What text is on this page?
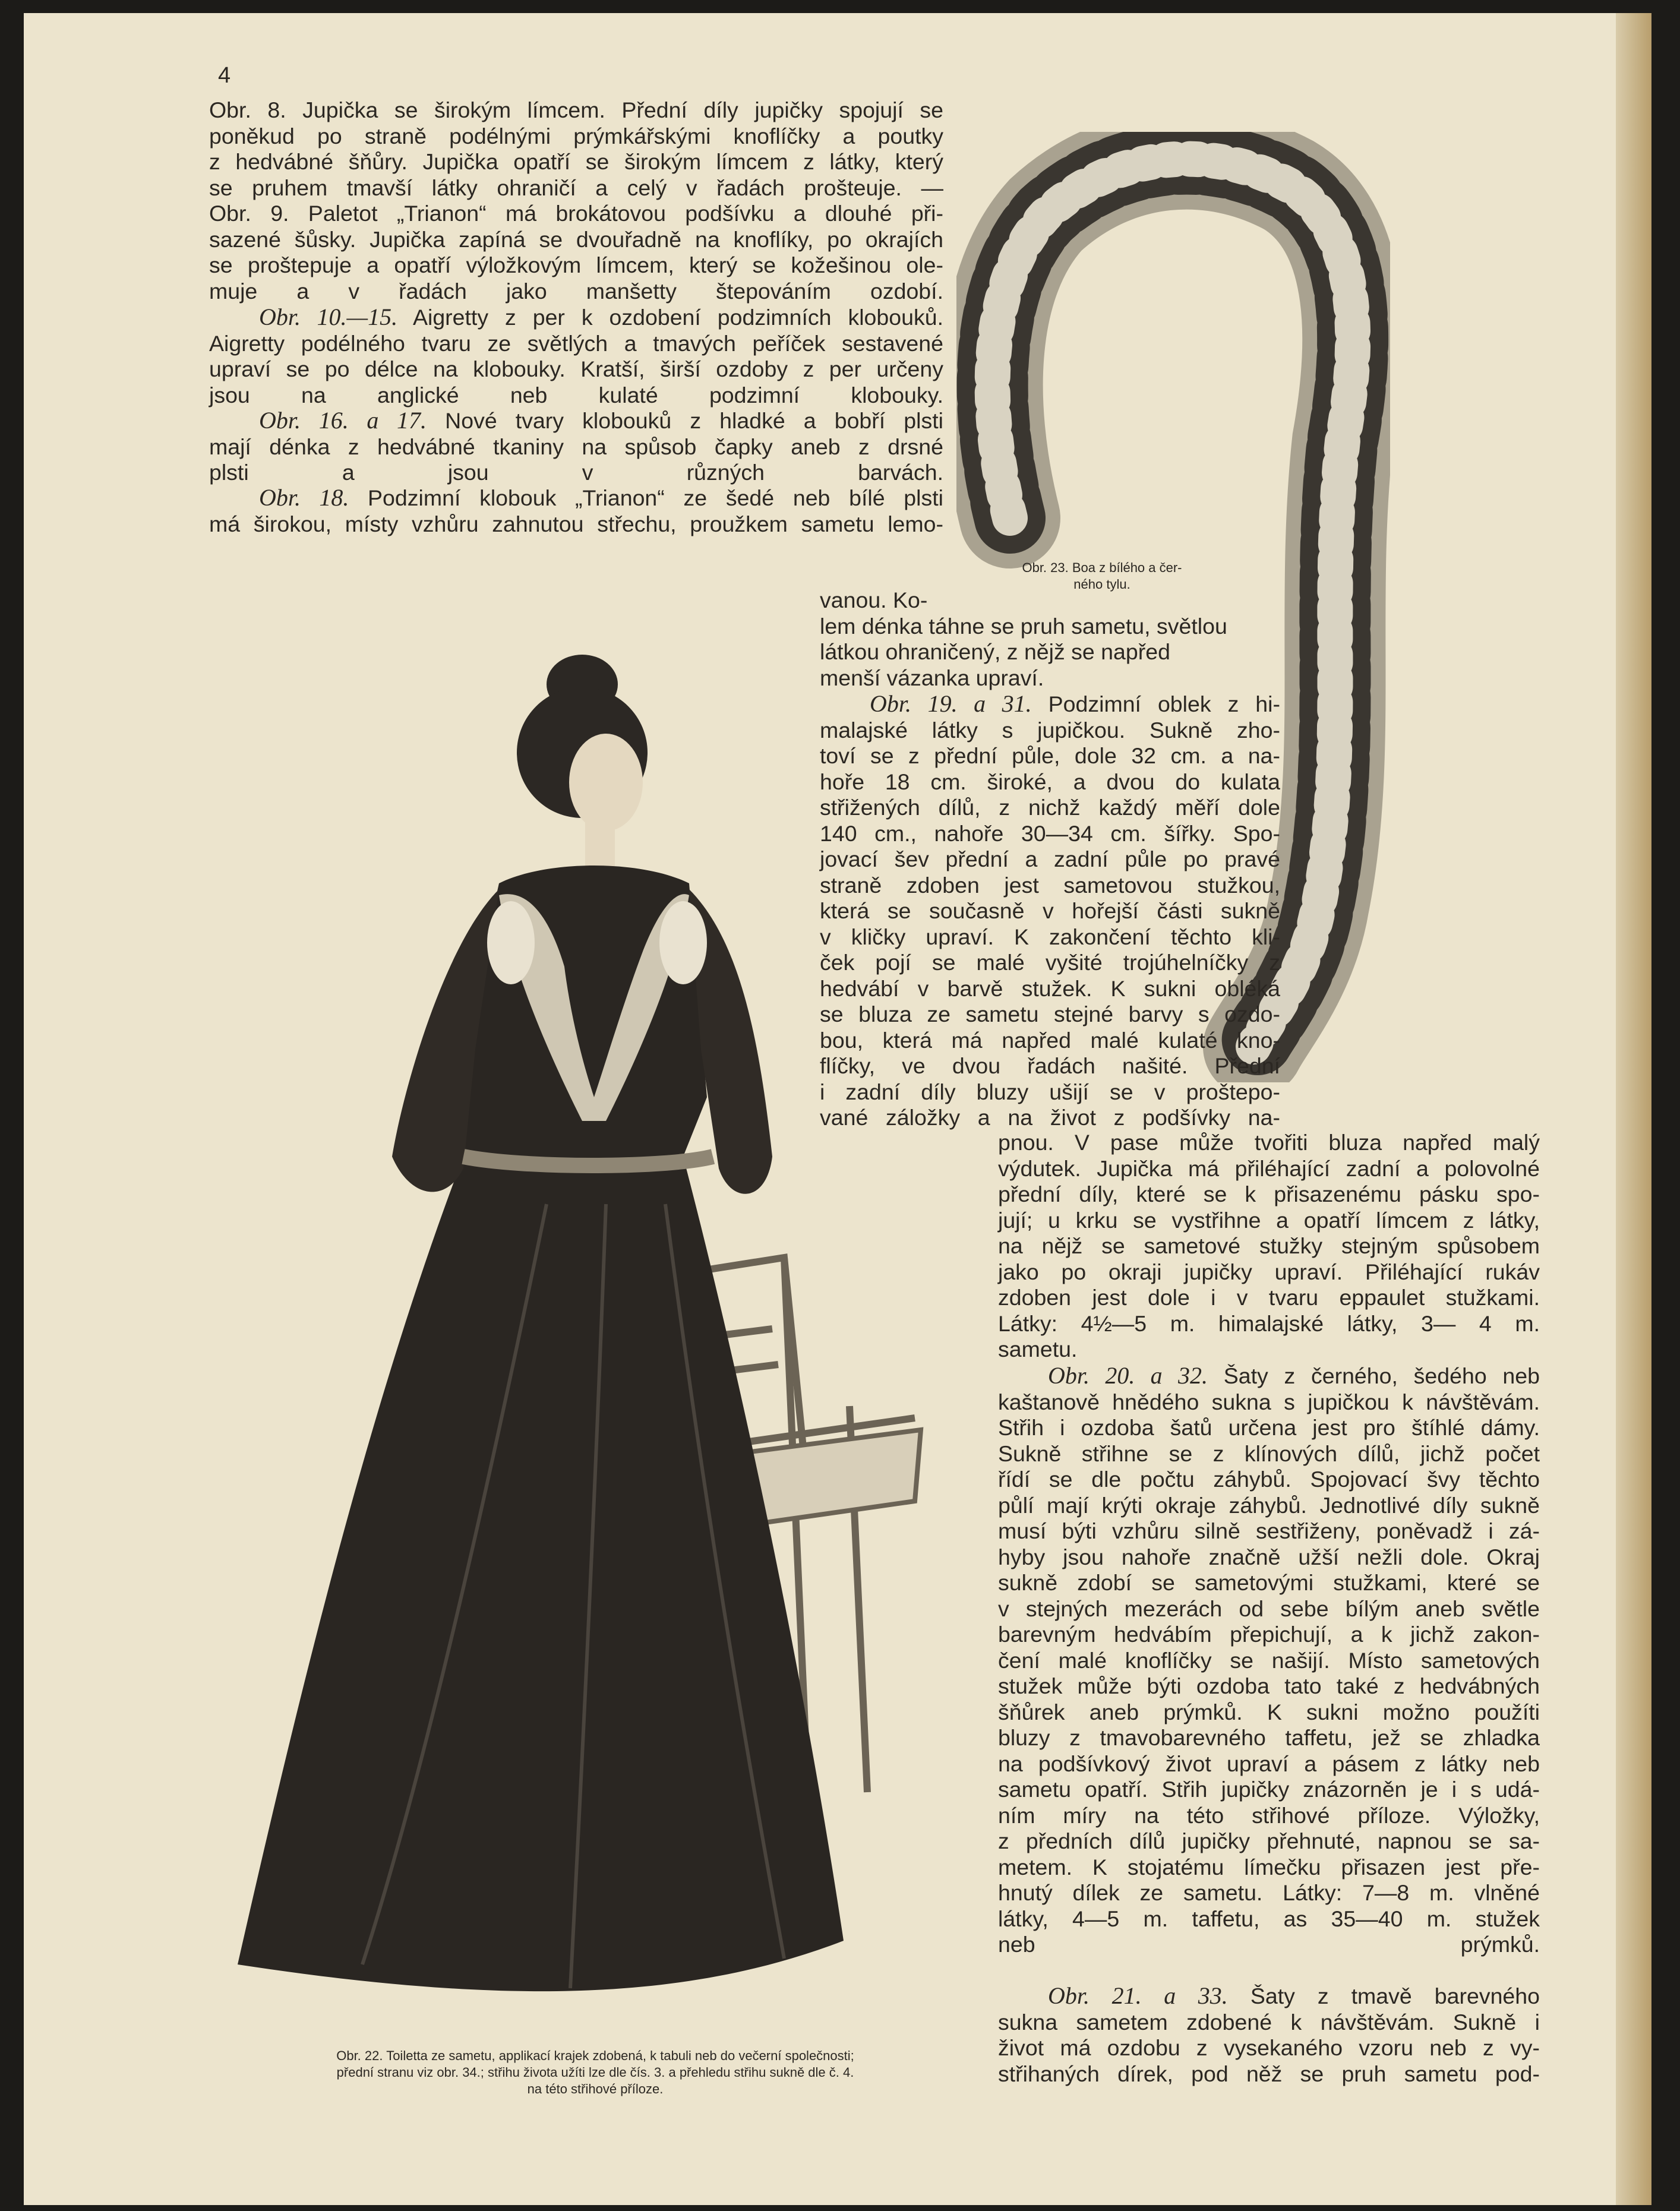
4

Obr. 8. Jupička se širokým límcem. Přední díly jupičky spojují se
poněkud po straně podélnými prýmkářskými knoflíčky a poutky
z hedvábné šňůry. Jupička opatří se širokým límcem z látky, který
se pruhem tmavší látky ohraničí a celý v řadách prošteuje. —
Obr. 9. Paletot „Trianon“ má brokátovou podšívku a dlouhé při-
sazené šůsky. Jupička zapíná se dvouřadně na knoflíky, po okrajích
se proštepuje a opatří výložkovým límcem, který se kožešinou ole-
muje a v řadách jako manšetty štepováním ozdobí.

Obr. 10.—15. Aigretty z per k ozdobení podzimních klobouků.
Aigretty podélného tvaru ze světlých a tmavých peříček sestavené
upraví se po délce na klobouky. Kratší, širší ozdoby z per určeny
jsou na anglické neb kulaté podzimní klobouky.

Obr. 16. a 17. Nové tvary klobouků z hladké a bobří plsti
mají dénka z hedvábné tkaniny na spůsob čapky aneb z drsné
plsti a jsou v různých barvách.

Obr. 18. Podzimní klobouk „Trianon“ ze šedé neb bílé plsti
má širokou, místy vzhůru zahnutou střechu, proužkem sametu lemo-

Obr. 23. Boa z bílého a čer-
ného tylu.

vanou. Ko-
lem dénka táhne se pruh sametu, světlou
látkou ohraničený, z nějž se napřed
menší vázanka upraví.

Obr. 19. a 31. Podzimní oblek z hi-
malajské látky s jupičkou. Sukně zho-
toví se z přední půle, dole 32 cm. a na-
hoře 18 cm. široké, a dvou do kulata
střižených dílů, z nichž každý měří dole
140 cm., nahoře 30—34 cm. šířky. Spo-
jovací šev přední a zadní půle po pravé
straně zdoben jest sametovou stužkou,
která se současně v hořejší části sukně
v kličky upraví. K zakončení těchto kli-
ček pojí se malé vyšité trojúhelníčky z
hedvábí v barvě stužek. K sukni obléká
se bluza ze sametu stejné barvy s ozdo-
bou, která má napřed malé kulaté kno-
flíčky, ve dvou řadách našité. Přední
i zadní díly bluzy ušijí se v proštepo-
vané záložky a na život z podšívky na-

pnou. V pase může tvořiti bluza napřed malý
výdutek. Jupička má přiléhající zadní a polovolné
přední díly, které se k přisazenému pásku spo-
jují; u krku se vystřihne a opatří límcem z látky,
na nějž se sametové stužky stejným spůsobem
jako po okraji jupičky upraví. Přiléhající rukáv
zdoben jest dole i v tvaru eppaulet stužkami.
Látky: 4½—5 m. himalajské látky, 3— 4 m.
sametu.

Obr. 20. a 32. Šaty z černého, šedého neb
kaštanově hnědého sukna s jupičkou k návštěvám.
Střih i ozdoba šatů určena jest pro štíhlé dámy.
Sukně střihne se z klínových dílů, jichž počet
řídí se dle počtu záhybů. Spojovací švy těchto
půlí mají krýti okraje záhybů. Jednotlivé díly sukně
musí býti vzhůru silně sestřiženy, poněvadž i zá-
hyby jsou nahoře značně užší nežli dole. Okraj
sukně zdobí se sametovými stužkami, které se
v stejných mezerách od sebe bílým aneb světle
barevným hedvábím přepichují, a k jichž zakon-
čení malé knoflíčky se našijí. Místo sametových
stužek může býti ozdoba tato také z hedvábných
šňůrek aneb prýmků. K sukni možno použíti
bluzy z tmavobarevného taffetu, jež se zhladka
na podšívkový život upraví a pásem z látky neb
sametu opatří. Střih jupičky znázorněn je i s udá-
ním míry na této střihové příloze. Výložky,
z předních dílů jupičky přehnuté, napnou se sa-
metem. K stojatému límečku přisazen jest pře-
hnutý dílek ze sametu. Látky: 7—8 m. vlněné
látky, 4—5 m. taffetu, as 35—40 m. stužek
neb prýmků.

Obr. 21. a 33. Šaty z tmavě barevného
sukna sametem zdobené k návštěvám. Sukně i
život má ozdobu z vysekaného vzoru neb z vy-
střihaných dírek, pod něž se pruh sametu pod-

Obr. 22. Toiletta ze sametu, applikací krajek zdobená, k tabuli neb do večerní společnosti;
přední stranu viz obr. 34.; střihu života užíti lze dle čís. 3. a přehledu střihu sukně dle č. 4.
na této střihové příloze.
